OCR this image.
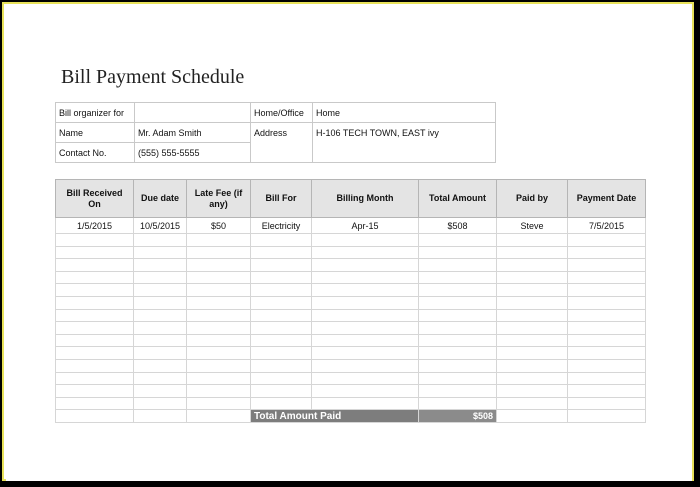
Bill Payment Schedule
Bill organizer for		Home/Office	Home
Name	Mr. Adam Smith	Address	H-106 TECH TOWN, EAST ivy
Contact No.	(555) 555-5555		
Bill Received On	Due date	Late Fee (if any)	Bill For	Billing Month	Total Amount	Paid by	Payment Date
1/5/2015	10/5/2015	$50	Electricity	Apr-15	$508	Steve	7/5/2015

			Total Amount Paid		$508		
